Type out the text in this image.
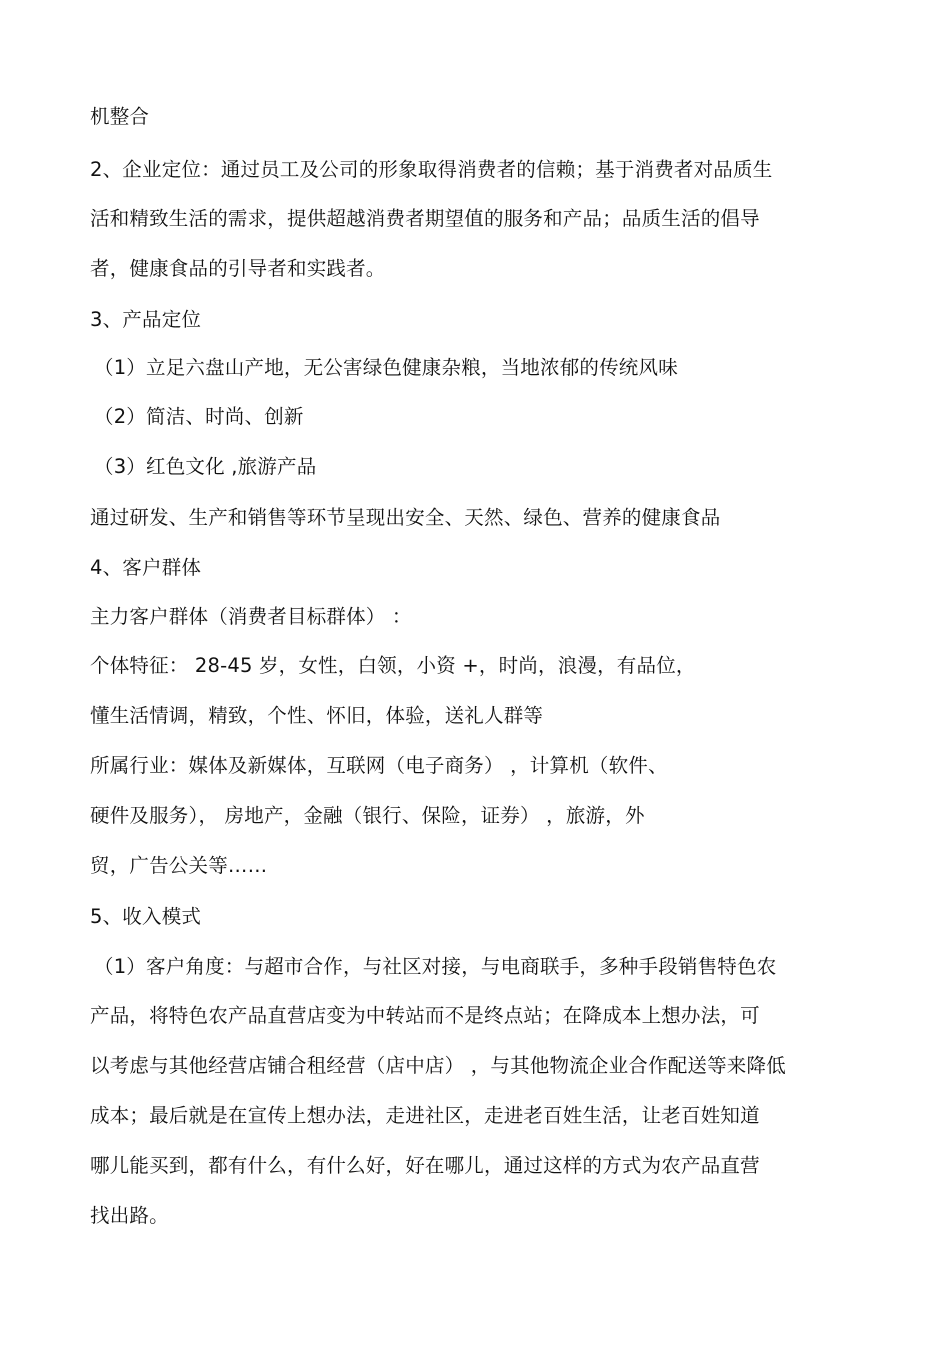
机整合
2、企业定位：通过员工及公司的形象取得消费者的信赖；基于消费者对品质生
活和精致生活的需求，提供超越消费者期望值的服务和产品；品质生活的倡导
者，健康食品的引导者和实践者。
3、产品定位
（1）立足六盘山产地，无公害绿色健康杂粮，当地浓郁的传统风味
（2）简洁、时尚、创新
（3）红色文化 ,旅游产品
通过研发、生产和销售等环节呈现出安全、天然、绿色、营养的健康食品
4、客户群体
主力客户群体（消费者目标群体） ：
个体特征： 28-45 岁，女性，白领，小资 +，时尚，浪漫，有品位，
懂生活情调，精致，个性、怀旧，体验，送礼人群等
所属行业：媒体及新媒体，互联网（电子商务） ，计算机（软件、
硬件及服务）， 房地产，金融（银行、保险，证券） ，旅游，外
贸，广告公关等……
5、收入模式
（1）客户角度：与超市合作，与社区对接，与电商联手，多种手段销售特色农
产品，将特色农产品直营店变为中转站而不是终点站；在降成本上想办法，可
以考虑与其他经营店铺合租经营（店中店） ，与其他物流企业合作配送等来降低
成本；最后就是在宣传上想办法，走进社区，走进老百姓生活，让老百姓知道
哪儿能买到，都有什么，有什么好，好在哪儿，通过这样的方式为农产品直营
找出路。
